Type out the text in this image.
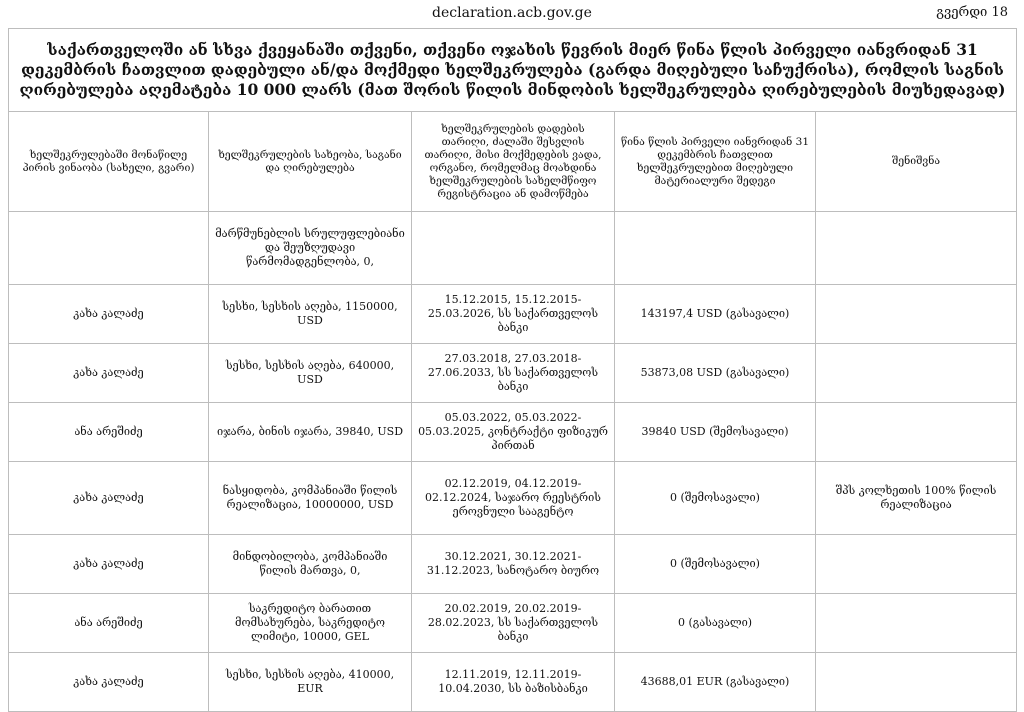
declaration.acb.gov.ge	გვერდი 18
საქართველოში ან სხვა ქვეყანაში თქვენი, თქვენი ოჯახის წევრის მიერ წინა წლის პირველი იანვრიდან 31 დეკემბრის ჩათვლით დადებული ან/და მოქმედი ხელშეკრულება (გარდა მიღებული საჩუქრისა), რომლის საგნის ღირებულება აღემატება 10 000 ლარს (მათ შორის წილის მინდობის ხელშეკრულება ღირებულების მიუხედავად)				
ხელშეკრულებაში მონაწილე პირის ვინაობა (სახელი, გვარი)	ხელშეკრულების სახეობა, საგანი და ღირებულება	ხელშეკრულების დადების თარიღი, ძალაში შესვლის თარიღი, მისი მოქმედების ვადა, ორგანო, რომელმაც მოახდინა ხელშეკრულების სახელმწიფო რეგისტრაცია ან დამოწმება	წინა წლის პირველი იანვრიდან 31 დეკემბრის ჩათვლით ხელშეკრულებით მიღებული მატერიალური შედეგი	შენიშვნა
	მარწმუნებლის სრულუფლებიანი და შეუზღუდავი წარმომადგენლობა, 0,			
კახა კალაძე	სესხი, სესხის აღება, 1150000, USD	15.12.2015, 15.12.2015-25.03.2026, სს საქართველოს ბანკი	143197,4 USD (გასავალი)	
კახა კალაძე	სესხი, სესხის აღება, 640000, USD	27.03.2018, 27.03.2018-27.06.2033, სს საქართველოს ბანკი	53873,08 USD (გასავალი)	
ანა არეშიძე	იჯარა, ბინის იჯარა, 39840, USD	05.03.2022, 05.03.2022-05.03.2025, კონტრაქტი ფიზიკურ პირთან	39840 USD (შემოსავალი)	
კახა კალაძე	ნასყიდობა, კომპანიაში წილის რეალიზაცია, 10000000, USD	02.12.2019, 04.12.2019-02.12.2024, საჯარო რეესტრის ეროვნული სააგენტო	0 (შემოსავალი)	შპს კოლხეთის 100% წილის რეალიზაცია
კახა კალაძე	მინდობილობა, კომპანიაში წილის მართვა, 0,	30.12.2021, 30.12.2021-31.12.2023, სანოტარო ბიურო	0 (შემოსავალი)	
ანა არეშიძე	საკრედიტო ბარათით მომსახურება, საკრედიტო ლიმიტი, 10000, GEL	20.02.2019, 20.02.2019-28.02.2023, სს საქართველოს ბანკი	0 (გასავალი)	
კახა კალაძე	სესხი, სესხის აღება, 410000, EUR	12.11.2019, 12.11.2019-10.04.2030, სს ბაზისბანკი	43688,01 EUR (გასავალი)	
